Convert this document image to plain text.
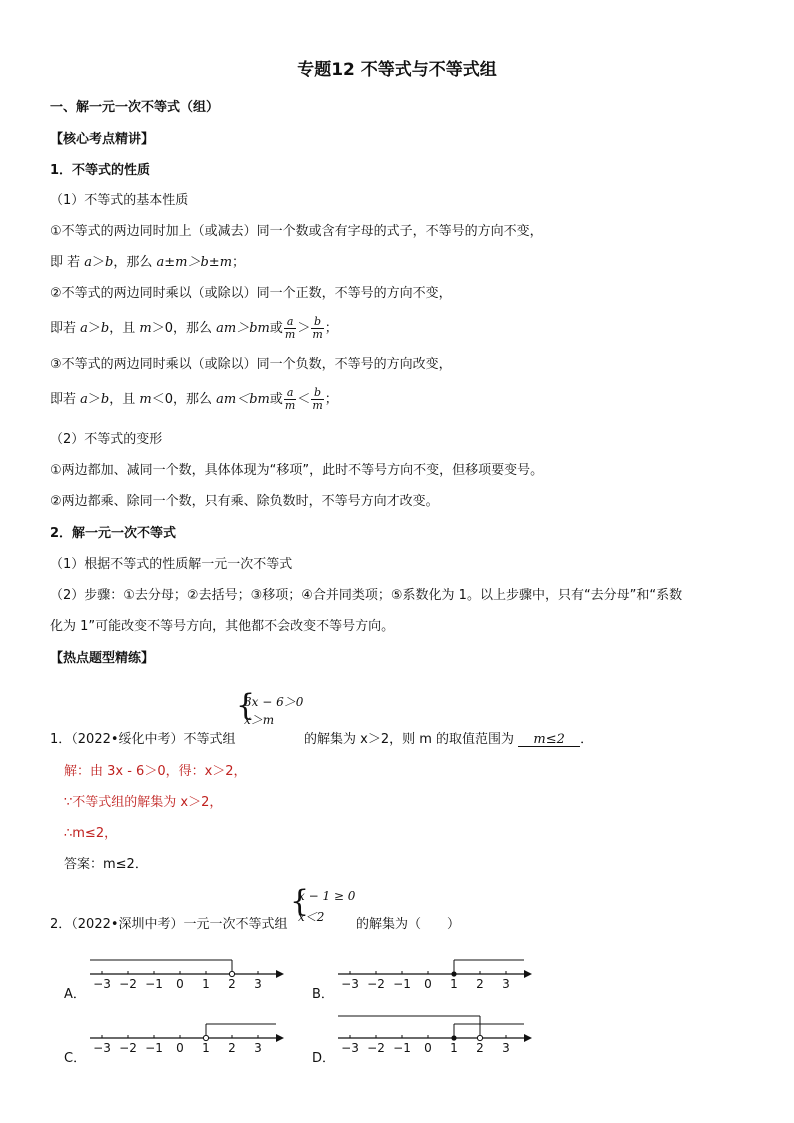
专题12 不等式与不等式组
一、解一元一次不等式（组）
【核心考点精讲】
1．不等式的性质
（1）不等式的基本性质
①不等式的两边同时加上（或减去）同一个数或含有字母的式子，不等号的方向不变，
即 若 a＞b，那么 a±m＞b±m；
②不等式的两边同时乘以（或除以）同一个正数，不等号的方向不变，
即若 a＞b，且 m＞0，那么 am＞bm或 $\frac{a}{m} > \frac{b}{m}$ ；
③不等式的两边同时乘以（或除以）同一个负数，不等号的方向改变，
即若 a＞b，且 m＜0，那么 am＜bm或 $\frac{a}{m} < \frac{b}{m}$ ；
（2）不等式的变形
①两边都加、减同一个数，具体体现为“移项”，此时不等号方向不变，但移项要变号。
②两边都乘、除同一个数，只有乘、除负数时，不等号方向才改变。
2．解一元一次不等式
（1）根据不等式的性质解一元一次不等式
（2）步骤：①去分母；②去括号；③移项；④合并同类项；⑤系数化为 1。以上步骤中，只有“去分母”和“系数
化为 1”可能改变不等号方向，其他都不会改变不等号方向。
【热点题型精练】
{
3x − 6＞0
x＞m
1．（2022•绥化中考）不等式组	的解集为 x＞2，则 m 的取值范围为 m≤2 ．
解：由 3x - 6＞0，得：x＞2，
∵不等式组的解集为 x＞2，
∴m≤2，
答案：m≤2．
{
x − 1 ≥ 0
x＜2
2．（2022•深圳中考）一元一次不等式组	的解集为（　　）
A．	B．
C．	D．
−3 −2 −1 0 1 2 3	−3 −2 −1 0 1 2 3
−3 −2 −1 0 1 2 3	−3 −2 −1 0 1 2 3
